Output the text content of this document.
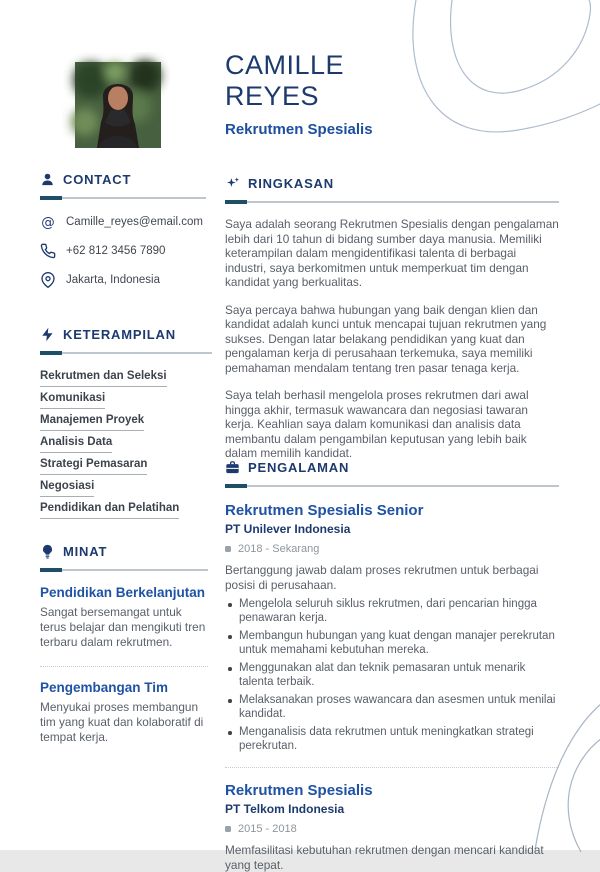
CAMILLE REYES
Rekrutmen Spesialis
CONTACT
@ Camille_reyes@email.com
+62 812 3456 7890
Jakarta, Indonesia
KETERAMPILAN
Rekrutmen dan Seleksi
Komunikasi
Manajemen Proyek
Analisis Data
Strategi Pemasaran
Negosiasi
Pendidikan dan Pelatihan
MINAT
Pendidikan Berkelanjutan
Sangat bersemangat untuk terus belajar dan mengikuti tren terbaru dalam rekrutmen.
Pengembangan Tim
Menyukai proses membangun tim yang kuat dan kolaboratif di tempat kerja.
RINGKASAN

Saya adalah seorang Rekrutmen Spesialis dengan pengalaman lebih dari 10 tahun di bidang sumber daya manusia. Memiliki keterampilan dalam mengidentifikasi talenta di berbagai industri, saya berkomitmen untuk memperkuat tim dengan kandidat yang berkualitas.

Saya percaya bahwa hubungan yang baik dengan klien dan kandidat adalah kunci untuk mencapai tujuan rekrutmen yang sukses. Dengan latar belakang pendidikan yang kuat dan pengalaman kerja di perusahaan terkemuka, saya memiliki pemahaman mendalam tentang tren pasar tenaga kerja.

Saya telah berhasil mengelola proses rekrutmen dari awal hingga akhir, termasuk wawancara dan negosiasi tawaran kerja. Keahlian saya dalam komunikasi dan analisis data membantu dalam pengambilan keputusan yang lebih baik dalam memilih kandidat.

PENGALAMAN
Rekrutmen Spesialis Senior
PT Unilever Indonesia
2018 - Sekarang
Bertanggung jawab dalam proses rekrutmen untuk berbagai posisi di perusahaan.
Mengelola seluruh siklus rekrutmen, dari pencarian hingga penawaran kerja.
Membangun hubungan yang kuat dengan manajer perekrutan untuk memahami kebutuhan mereka.
Menggunakan alat dan teknik pemasaran untuk menarik talenta terbaik.
Melaksanakan proses wawancara dan asesmen untuk menilai kandidat.
Menganalisis data rekrutmen untuk meningkatkan strategi perekrutan.
Rekrutmen Spesialis
PT Telkom Indonesia
2015 - 2018
Memfasilitasi kebutuhan rekrutmen dengan mencari kandidat yang tepat.
